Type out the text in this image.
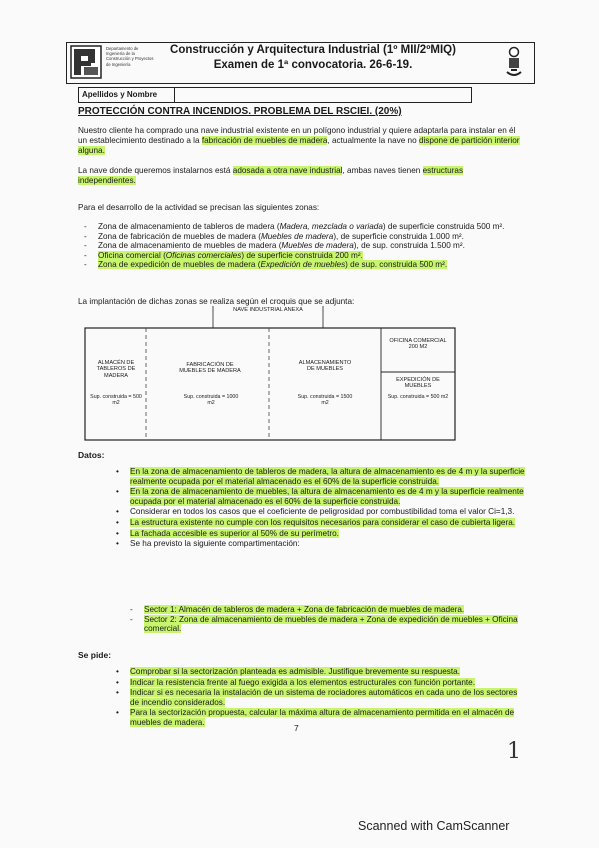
Departamento de Ingeniería de la Construcción y Proyectos de Ingeniería
Construcción y Arquitectura Industrial (1º MII/2ºMIQ)
Examen de 1ª convocatoria. 26-6-19.
Apellidos y Nombre
PROTECCIÓN CONTRA INCENDIOS. PROBLEMA DEL RSCIEI. (20%)
Nuestro cliente ha comprado una nave industrial existente en un polígono industrial y quiere adaptarla para instalar en él un establecimiento destinado a la fabricación de muebles de madera, actualmente la nave no dispone de partición interior alguna.
La nave donde queremos instalarnos está adosada a otra nave industrial, ambas naves tienen estructuras independientes.
Para el desarrollo de la actividad se precisan las siguientes zonas:
- Zona de almacenamiento de tableros de madera (Madera, mezclada o variada) de superficie construida 500 m².
- Zona de fabricación de muebles de madera (Muebles de madera), de superficie construida 1.000 m².
- Zona de almacenamiento de muebles de madera (Muebles de madera), de sup. construida 1.500 m².
- Oficina comercial (Oficinas comerciales) de superficie construida 200 m².
- Zona de expedición de muebles de madera (Expedición de muebles) de sup. construida 500 m².
La implantación de dichas zonas se realiza según el croquis que se adjunta:
NAVE INDUSTRIAL ANEXA
ALMACÉN DE TABLEROS DE MADERA
Sup. construida = 500 m2
FABRICACIÓN DE MUEBLES DE MADERA
Sup. construida = 1000 m2
ALMACENAMIENTO DE MUEBLES
Sup. construida = 1500 m2
OFICINA COMERCIAL 200 M2
EXPEDICIÓN DE MUEBLES
Sup. construida = 500 m2
Datos:
• En la zona de almacenamiento de tableros de madera, la altura de almacenamiento es de 4 m y la superficie realmente ocupada por el material almacenado es el 60% de la superficie construida.
• En la zona de almacenamiento de muebles, la altura de almacenamiento es de 4 m y la superficie realmente ocupada por el material almacenado es el 60% de la superficie construida.
• Considerar en todos los casos que el coeficiente de peligrosidad por combustibilidad toma el valor Ci=1,3.
• La estructura existente no cumple con los requisitos necesarios para considerar el caso de cubierta ligera.
• La fachada accesible es superior al 50% de su perímetro.
• Se ha previsto la siguiente compartimentación:
- Sector 1: Almacén de tableros de madera + Zona de fabricación de muebles de madera.
- Sector 2: Zona de almacenamiento de muebles de madera + Zona de expedición de muebles + Oficina comercial.
Se pide:
• Comprobar si la sectorización planteada es admisible. Justifique brevemente su respuesta.
• Indicar la resistencia frente al fuego exigida a los elementos estructurales con función portante.
• Indicar si es necesaria la instalación de un sistema de rociadores automáticos en cada uno de los sectores de incendio considerados.
• Para la sectorización propuesta, calcular la máxima altura de almacenamiento permitida en el almacén de muebles de madera.
7
1
Scanned with CamScanner
